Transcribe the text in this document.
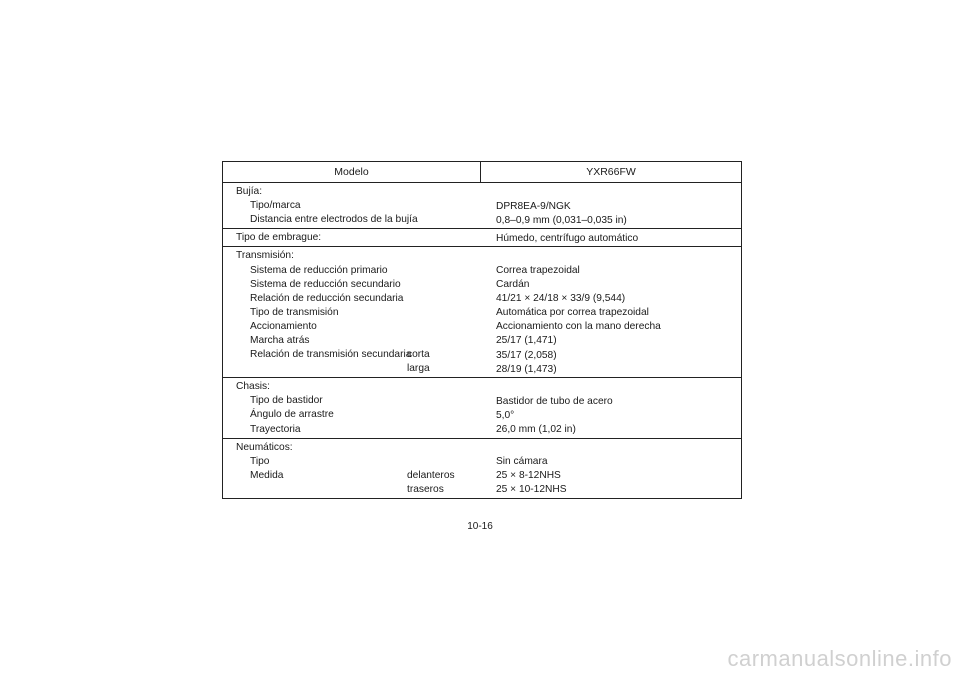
Modelo	YXR66FW
Bujía:
Tipo/marca	DPR8EA-9/NGK
Distancia entre electrodos de la bujía	0,8–0,9 mm (0,031–0,035 in)
Tipo de embrague:	Húmedo, centrífugo automático
Transmisión:
Sistema de reducción primario	Correa trapezoidal
Sistema de reducción secundario	Cardán
Relación de reducción secundaria	41/21 × 24/18 × 33/9 (9,544)
Tipo de transmisión	Automática por correa trapezoidal
Accionamiento	Accionamiento con la mano derecha
Marcha atrás	25/17 (1,471)
Relación de transmisión secundaria
corta	35/17 (2,058)
larga	28/19 (1,473)
Chasis:
Tipo de bastidor	Bastidor de tubo de acero
Ángulo de arrastre	5,0°
Trayectoria	26,0 mm (1,02 in)
Neumáticos:
Tipo	Sin cámara
Medida	delanteros	25 × 8-12NHS
traseros	25 × 10-12NHS
10-16
carmanualsonline.info
